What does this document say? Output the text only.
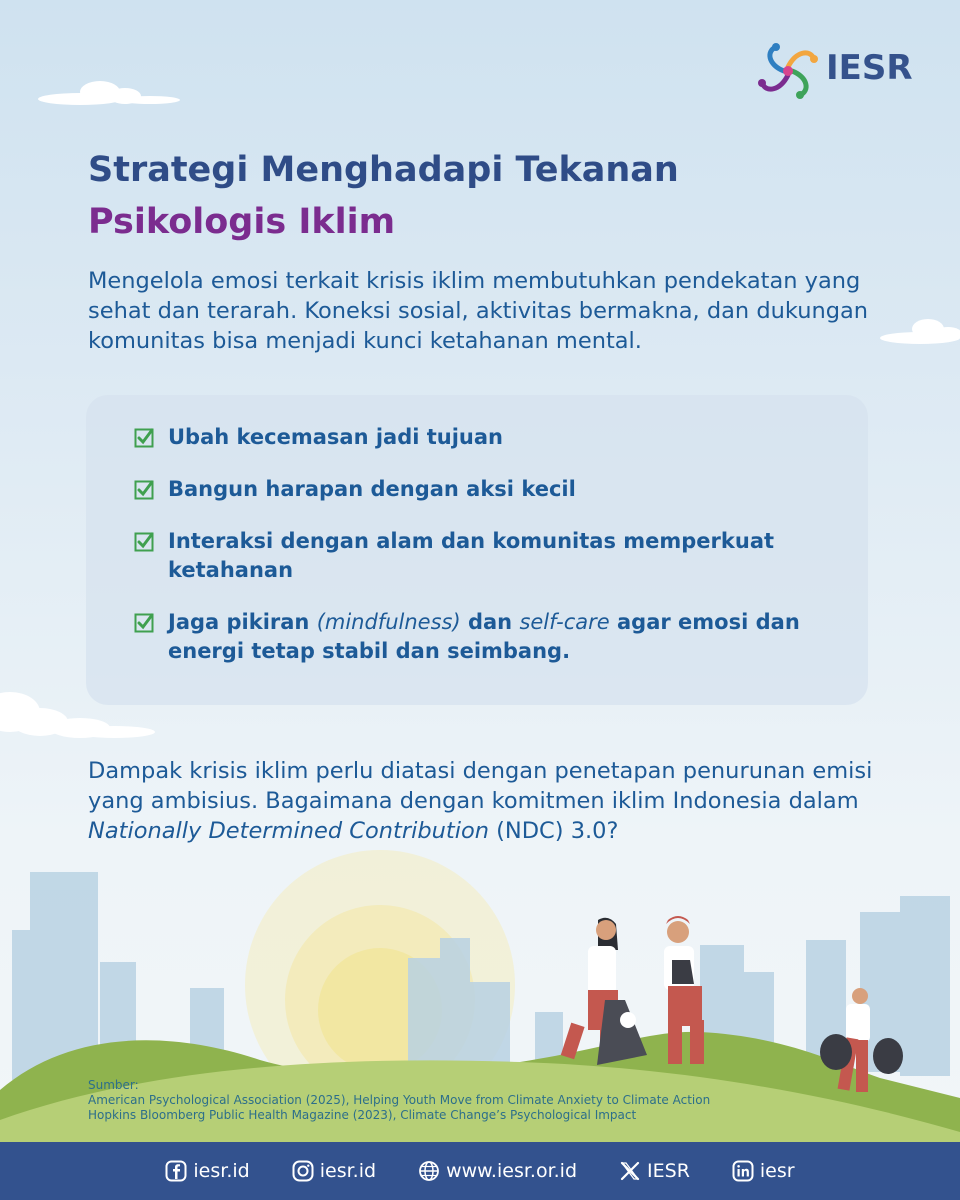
IESR
Strategi Menghadapi Tekanan
Psikologis Iklim

Mengelola emosi terkait krisis iklim membutuhkan pendekatan yang sehat dan terarah. Koneksi sosial, aktivitas bermakna, dan dukungan komunitas bisa menjadi kunci ketahanan mental.

Ubah kecemasan jadi tujuan
Bangun harapan dengan aksi kecil
Interaksi dengan alam dan komunitas memperkuat ketahanan
Jaga pikiran (mindfulness) dan self-care agar emosi dan energi tetap stabil dan seimbang.

Dampak krisis iklim perlu diatasi dengan penetapan penurunan emisi yang ambisius. Bagaimana dengan komitmen iklim Indonesia dalam Nationally Determined Contribution (NDC) 3.0?

Sumber:
American Psychological Association (2025), Helping Youth Move from Climate Anxiety to Climate Action
Hopkins Bloomberg Public Health Magazine (2023), Climate Change’s Psychological Impact
iesr.id	iesr.id	www.iesr.or.id	IESR	iesr
